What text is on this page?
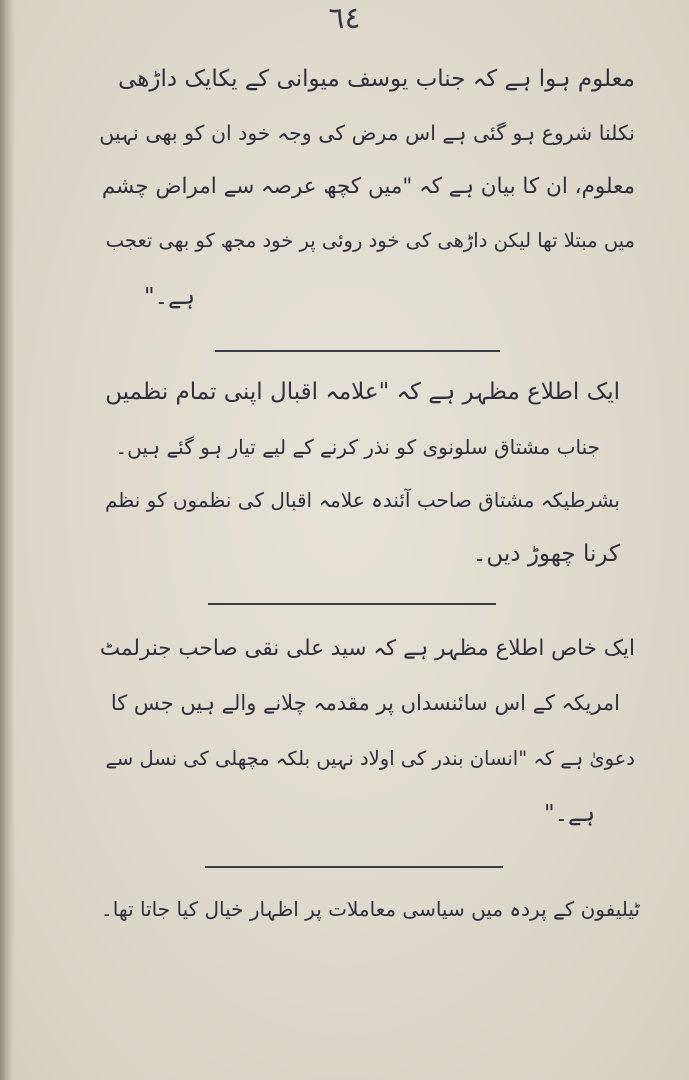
٦٤
معلوم ہوا ہے کہ جناب یوسف میوانی کے یکایک داڑھی
نکلنا شروع ہو گئی ہے اس مرض کی وجہ خود ان کو بھی نہیں
معلوم، ان کا بیان ہے کہ "میں کچھ عرصہ سے امراض چشم
میں مبتلا تھا لیکن داڑھی کی خود روئی پر خود مجھ کو بھی تعجب
ہے۔"
ایک اطلاع مظہر ہے کہ "علامہ اقبال اپنی تمام نظمیں
جناب مشتاق سلونوی کو نذر کرنے کے لیے تیار ہو گئے ہیں۔
بشرطیکہ مشتاق صاحب آئندہ علامہ اقبال کی نظموں کو نظم
کرنا چھوڑ دیں۔
ایک خاص اطلاع مظہر ہے کہ سید علی نقی صاحب جنرلمٹ
امریکہ کے اس سائنسداں پر مقدمہ چلانے والے ہیں جس کا
دعویٰ ہے کہ "انسان بندر کی اولاد نہیں بلکہ مچھلی کی نسل سے
ہے۔"
ٹیلیفون کے پردہ میں سیاسی معاملات پر اظہار خیال کیا جاتا تھا۔
